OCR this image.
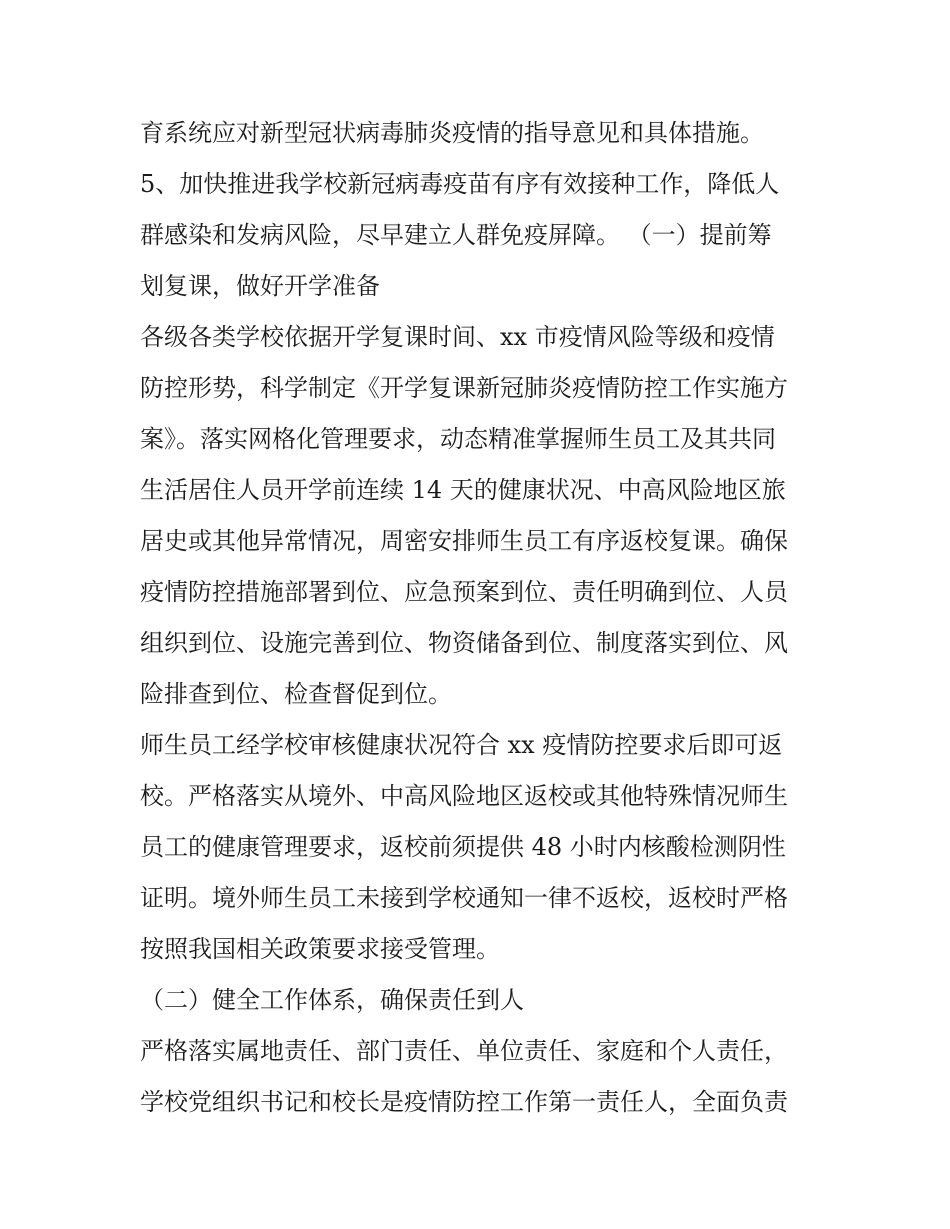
育系统应对新型冠状病毒肺炎疫情的指导意见和具体措施。
5、加快推进我学校新冠病毒疫苗有序有效接种工作，降低人
群感染和发病风险，尽早建立人群免疫屏障。 （一）提前筹
划复课，做好开学准备
各级各类学校依据开学复课时间、xx 市疫情风险等级和疫情
防控形势，科学制定《开学复课新冠肺炎疫情防控工作实施方
案》。落实网格化管理要求，动态精准掌握师生员工及其共同
生活居住人员开学前连续 14 天的健康状况、中高风险地区旅
居史或其他异常情况，周密安排师生员工有序返校复课。确保
疫情防控措施部署到位、应急预案到位、责任明确到位、人员
组织到位、设施完善到位、物资储备到位、制度落实到位、风
险排查到位、检查督促到位。
师生员工经学校审核健康状况符合 xx 疫情防控要求后即可返
校。严格落实从境外、中高风险地区返校或其他特殊情况师生
员工的健康管理要求，返校前须提供 48 小时内核酸检测阴性
证明。境外师生员工未接到学校通知一律不返校，返校时严格
按照我国相关政策要求接受管理。
（二）健全工作体系，确保责任到人
严格落实属地责任、部门责任、单位责任、家庭和个人责任，
学校党组织书记和校长是疫情防控工作第一责任人，全面负责
